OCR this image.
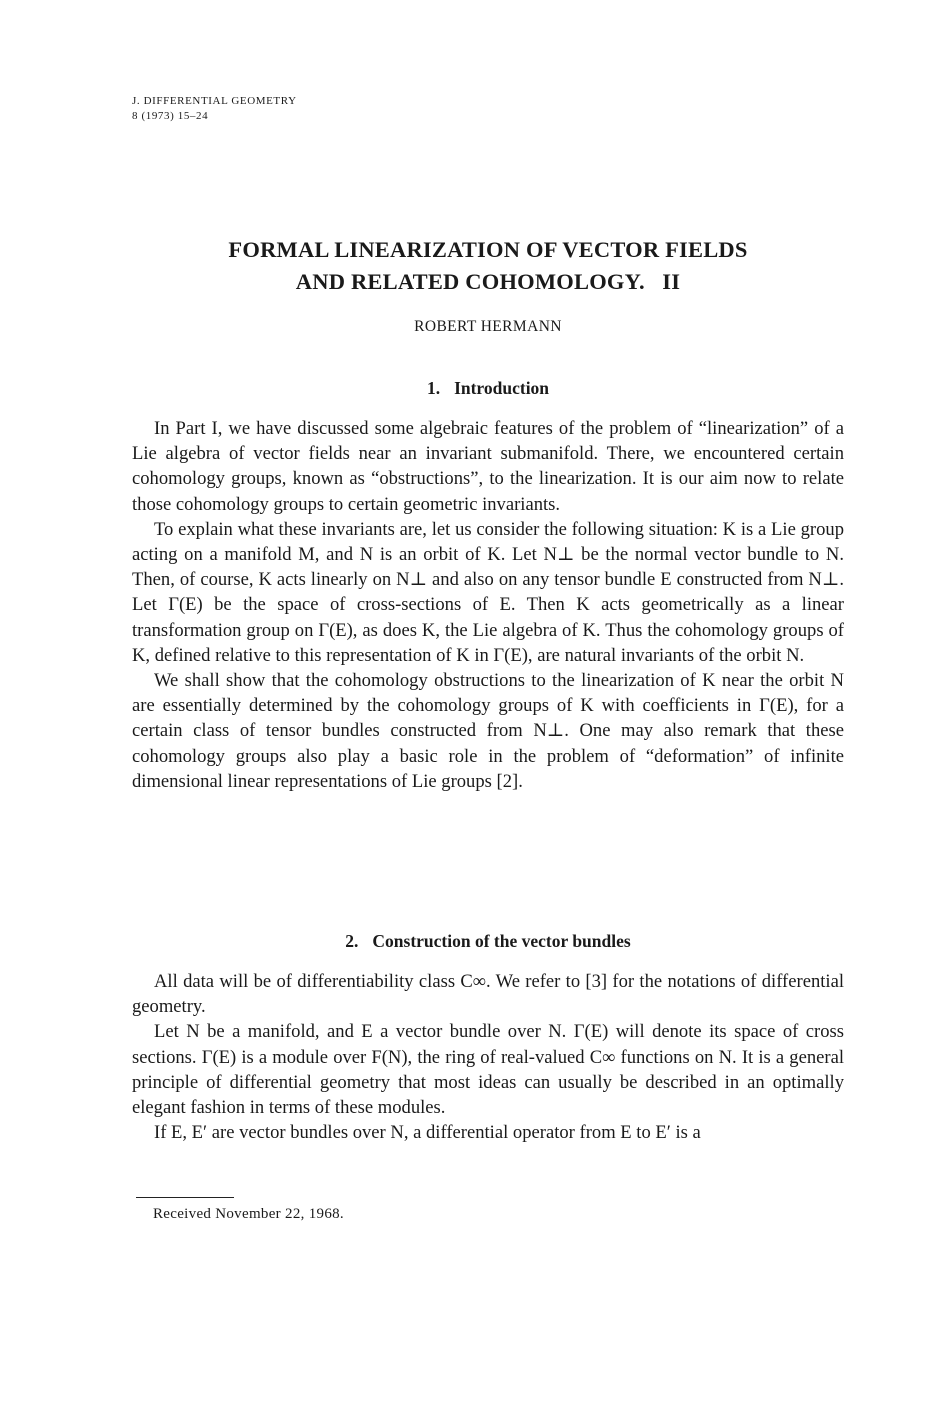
J. DIFFERENTIAL GEOMETRY
8 (1973) 15–24
FORMAL LINEARIZATION OF VECTOR FIELDS
AND RELATED COHOMOLOGY.   II
ROBERT HERMANN
1. Introduction

In Part I, we have discussed some algebraic features of the problem of “linearization” of a Lie algebra of vector fields near an invariant submanifold. There, we encountered certain cohomology groups, known as “obstructions”, to the linearization. It is our aim now to relate those cohomology groups to certain geometric invariants.

To explain what these invariants are, let us consider the following situation: K is a Lie group acting on a manifold M, and N is an orbit of K. Let N⊥ be the normal vector bundle to N. Then, of course, K acts linearly on N⊥ and also on any tensor bundle E constructed from N⊥. Let Γ(E) be the space of cross-sections of E. Then K acts geometrically as a linear transformation group on Γ(E), as does K, the Lie algebra of K. Thus the cohomology groups of K, defined relative to this representation of K in Γ(E), are natural invariants of the orbit N.

We shall show that the cohomology obstructions to the linearization of K near the orbit N are essentially determined by the cohomology groups of K with coefficients in Γ(E), for a certain class of tensor bundles constructed from N⊥. One may also remark that these cohomology groups also play a basic role in the problem of “deformation” of infinite dimensional linear representations of Lie groups [2].

2. Construction of the vector bundles

All data will be of differentiability class C∞. We refer to [3] for the notations of differential geometry.

Let N be a manifold, and E a vector bundle over N. Γ(E) will denote its space of cross sections. Γ(E) is a module over F(N), the ring of real-valued C∞ functions on N. It is a general principle of differential geometry that most ideas can usually be described in an optimally elegant fashion in terms of these modules.

If E, E′ are vector bundles over N, a differential operator from E to E′ is a

Received November 22, 1968.
